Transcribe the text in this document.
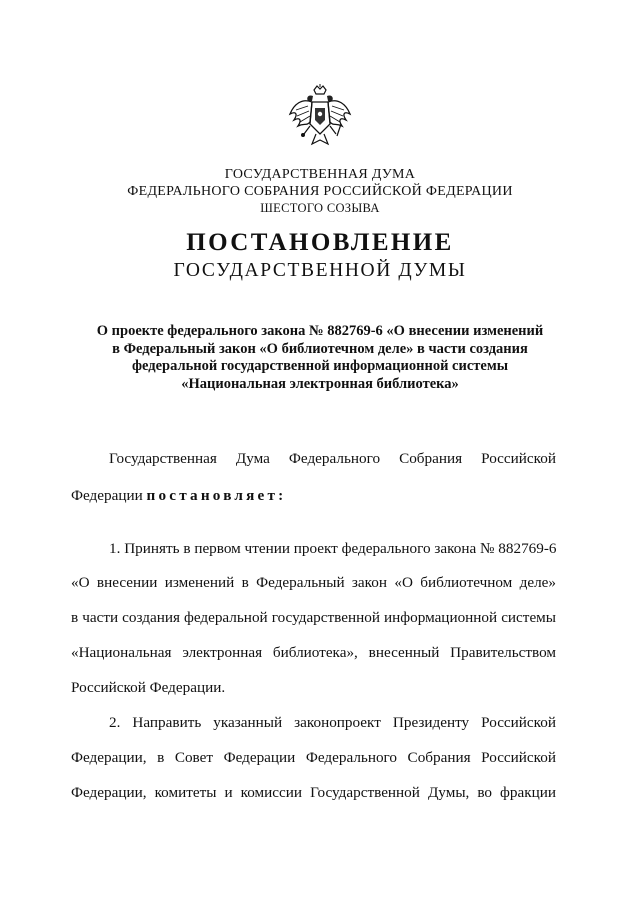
ГОСУДАРСТВЕННАЯ ДУМА
ФЕДЕРАЛЬНОГО СОБРАНИЯ РОССИЙСКОЙ ФЕДЕРАЦИИ
ШЕСТОГО СОЗЫВА
ПОСТАНОВЛЕНИЕ
ГОСУДАРСТВЕННОЙ ДУМЫ
О проекте федерального закона № 882769-6 «О внесении изменений
в Федеральный закон «О библиотечном деле» в части создания
федеральной государственной информационной системы
«Национальная электронная библиотека»
Государственная Дума Федерального Собрания Российской
Федерации постановляет:
1. Принять в первом чтении проект федерального закона № 882769-6
«О внесении изменений в Федеральный закон «О библиотечном деле»
в части создания федеральной государственной информационной системы
«Национальная электронная библиотека», внесенный Правительством
Российской Федерации.
2. Направить указанный законопроект Президенту Российской
Федерации, в Совет Федерации Федерального Собрания Российской
Федерации, комитеты и комиссии Государственной Думы, во фракции
